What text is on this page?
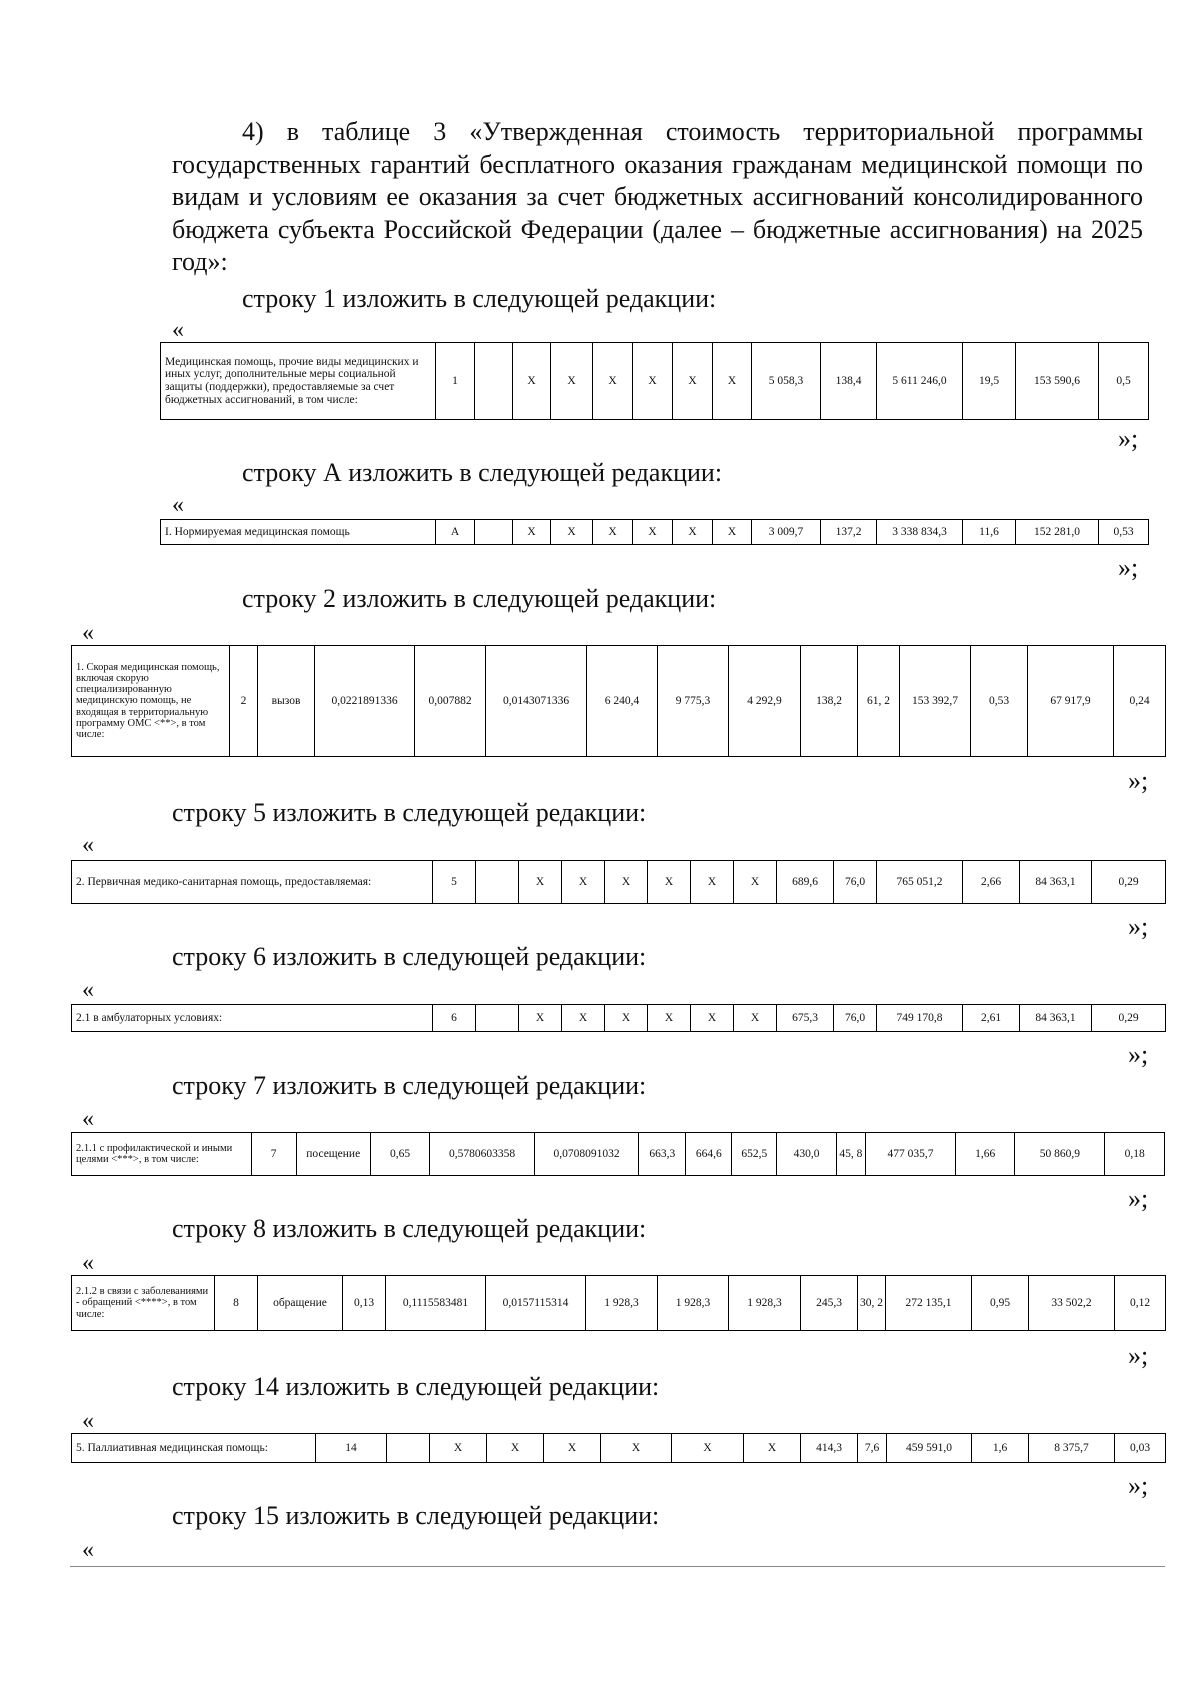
4) в таблице 3 «Утвержденная стоимость территориальной программы государственных гарантий бесплатного оказания гражданам медицинской помощи по видам и условиям ее оказания за счет бюджетных ассигнований консолидированного бюджета субъекта Российской Федерации (далее – бюджетные ассигнования) на 2025 год»:
строку 1 изложить в следующей редакции:
«
Медицинская помощь, прочие виды медицинских и иных услуг, дополнительные меры социальной защиты (поддержки), предоставляемые за счет бюджетных ассигнований, в том числе:	1		X	X	X	X	X	X	5 058,3	138,4	5 611 246,0	19,5	153 590,6	0,5
»;
строку А изложить в следующей редакции:
«
I. Нормируемая медицинская помощь	А		X	X	X	X	X	X	3 009,7	137,2	3 338 834,3	11,6	152 281,0	0,53
»;
строку 2 изложить в следующей редакции:
«
1. Скорая медицинская помощь, включая скорую специализированную медицинскую помощь, не входящая в территориальную программу ОМС <**>, в том числе:	2	вызов	0,0221891336	0,007882	0,0143071336	6 240,4	9 775,3	4 292,9	138,2	61, 2	153 392,7	0,53	67 917,9	0,24
»;
строку 5 изложить в следующей редакции:
«
2. Первичная медико-санитарная помощь, предоставляемая:	5		X	X	X	X	X	X	689,6	76,0	765 051,2	2,66	84 363,1	0,29
»;
строку 6 изложить в следующей редакции:
«
2.1 в амбулаторных условиях:	6		X	X	X	X	X	X	675,3	76,0	749 170,8	2,61	84 363,1	0,29
»;
строку 7 изложить в следующей редакции:
«
2.1.1 с профилактической и иными целями <***>, в том числе:	7	посещение	0,65	0,5780603358	0,0708091032	663,3	664,6	652,5	430,0	45, 8	477 035,7	1,66	50 860,9	0,18
»;
строку 8 изложить в следующей редакции:
«
2.1.2 в связи с заболеваниями - обращений <****>, в том числе:	8	обращение	0,13	0,1115583481	0,0157115314	1 928,3	1 928,3	1 928,3	245,3	30, 2	272 135,1	0,95	33 502,2	0,12
»;
строку 14 изложить в следующей редакции:
«
5. Паллиативная медицинская помощь:	14		X	X	X	X	X	X	414,3	7,6	459 591,0	1,6	8 375,7	0,03
»;
строку 15 изложить в следующей редакции:
«
